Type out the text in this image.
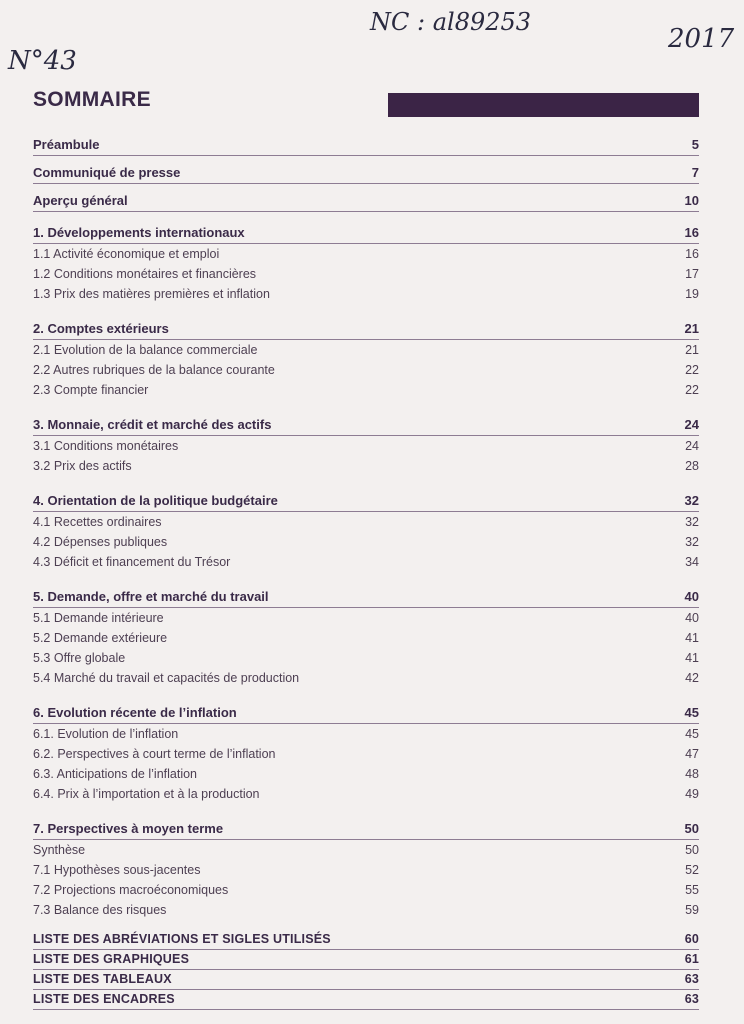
N°43
NC : al89253
2017
SOMMAIRE
Préambule	5
Communiqué de presse	7
Aperçu général	10
1. Développements internationaux	16
1.1 Activité économique et emploi	16
1.2 Conditions monétaires et financières	17
1.3 Prix des matières premières et inflation	19
2. Comptes extérieurs	21
2.1 Evolution de la balance commerciale	21
2.2 Autres rubriques de la balance courante	22
2.3 Compte financier	22
3. Monnaie, crédit et marché des actifs	24
3.1 Conditions monétaires	24
3.2 Prix des actifs	28
4. Orientation de la politique budgétaire	32
4.1 Recettes ordinaires	32
4.2 Dépenses publiques	32
4.3 Déficit et financement du Trésor	34
5. Demande, offre et marché du travail	40
5.1 Demande intérieure	40
5.2 Demande extérieure	41
5.3 Offre globale	41
5.4 Marché du travail et capacités de production	42
6. Evolution récente de l’inflation	45
6.1. Evolution de l’inflation	45
6.2. Perspectives à court terme de l’inflation	47
6.3. Anticipations de l’inflation	48
6.4. Prix à l’importation et à la production	49
7. Perspectives à moyen terme	50
Synthèse	50
7.1 Hypothèses sous-jacentes	52
7.2 Projections macroéconomiques	55
7.3 Balance des risques	59
LISTE DES ABRÉVIATIONS ET SIGLES UTILISÉS	60
LISTE DES GRAPHIQUES	61
LISTE DES TABLEAUX	63
LISTE DES ENCADRES	63
